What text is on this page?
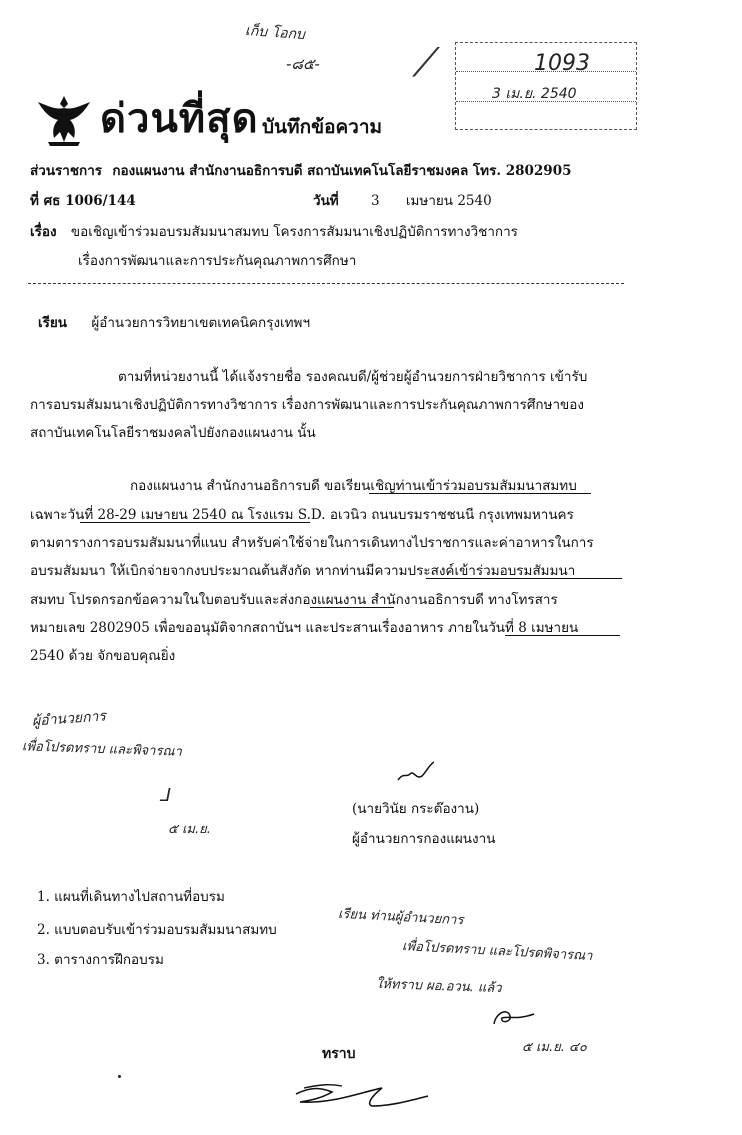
เก็บ โอกบ
-๘๕-	1093
3 เม.ย. 2540
⟋
ด่วนที่สุด บันทึกข้อความ
ส่วนราชการ กองแผนงาน สำนักงานอธิการบดี สถาบันเทคโนโลยีราชมงคล โทร. 2802905
ที่ ศธ 1006/144	วันที่ 3 เมษายน 2540
เรื่อง ขอเชิญเข้าร่วมอบรมสัมมนาสมทบ โครงการสัมมนาเชิงปฏิบัติการทางวิชาการ
เรื่องการพัฒนาและการประกันคุณภาพการศึกษา
เรียน ผู้อำนวยการวิทยาเขตเทคนิคกรุงเทพฯ
ตามที่หน่วยงานนี้ ได้แจ้งรายชื่อ รองคณบดี/ผู้ช่วยผู้อำนวยการฝ่ายวิชาการ เข้ารับ
การอบรมสัมมนาเชิงปฏิบัติการทางวิชาการ เรื่องการพัฒนาและการประกันคุณภาพการศึกษาของ
สถาบันเทคโนโลยีราชมงคลไปยังกองแผนงาน นั้น
กองแผนงาน สำนักงานอธิการบดี ขอเรียนเชิญท่านเข้าร่วมอบรมสัมมนาสมทบ
เฉพาะวันที่ 28-29 เมษายน 2540 ณ โรงแรม S.D. อเวนิว ถนนบรมราชชนนี กรุงเทพมหานคร
ตามตารางการอบรมสัมมนาที่แนบ สำหรับค่าใช้จ่ายในการเดินทางไปราชการและค่าอาหารในการ
อบรมสัมมนา ให้เบิกจ่ายจากงบประมาณต้นสังกัด หากท่านมีความประสงค์เข้าร่วมอบรมสัมมนา
สมทบ โปรดกรอกข้อความในใบตอบรับและส่งกองแผนงาน สำนักงานอธิการบดี ทางโทรสาร
หมายเลข 2802905 เพื่อขออนุมัติจากสถาบันฯ และประสานเรื่องอาหาร ภายในวันที่ 8 เมษายน
2540 ด้วย จักขอบคุณยิ่ง
ผู้อำนวยการ
เพื่อโปรดทราบ และพิจารณา
ᒧ
๕ เม.ย.
(นายวินัย กระต๊องาน)
ผู้อำนวยการกองแผนงาน
1. แผนที่เดินทางไปสถานที่อบรม
2. แบบตอบรับเข้าร่วมอบรมสัมมนาสมทบ
3. ตารางการฝึกอบรม
เรียน ท่านผู้อำนวยการ
เพื่อโปรดทราบ และโปรดพิจารณา
ให้ทราบ ผอ.อวน. แล้ว
๕ เม.ย. ๔๐
ทราบ
